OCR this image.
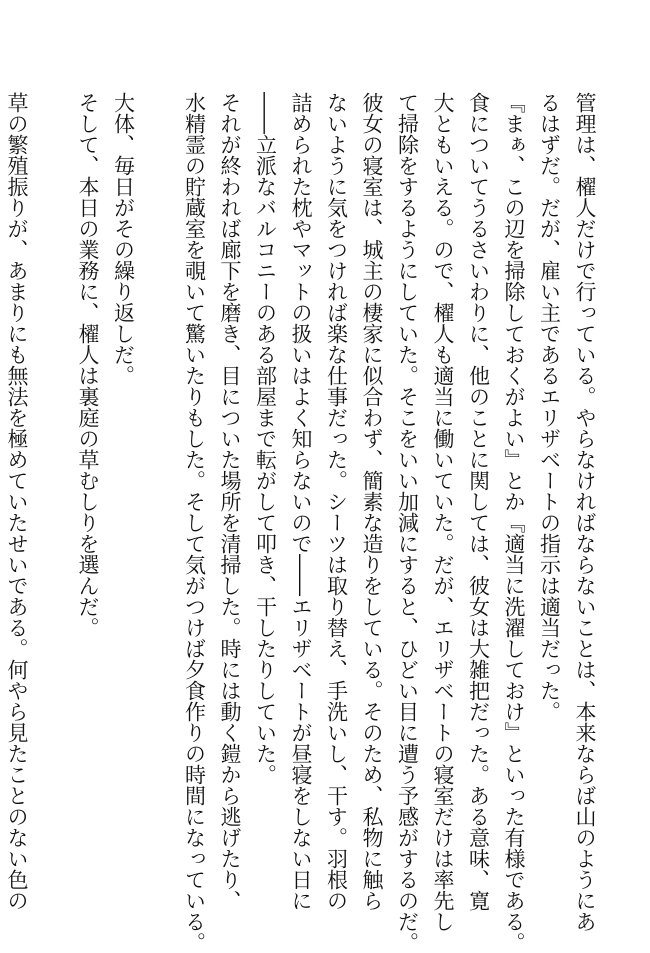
管理は、櫂人だけで行っている。やらなければならないことは、本来ならば山のようにあ
るはずだ。だが、雇い主であるエリザベートの指示は適当だった。
『まぁ、この辺を掃除しておくがよい』とか『適当に洗濯しておけ』といった有様である。
食についてうるさいわりに、他のことに関しては、彼女は大雑把だった。ある意味、寛
大ともいえる。ので、櫂人も適当に働いていた。だが、エリザベートの寝室だけは率先し
て掃除をするようにしていた。そこをいい加減にすると、ひどい目に遭う予感がするのだ。
彼女の寝室は、城主の棲家に似合わず、簡素な造りをしている。そのため、私物に触ら
ないように気をつければ楽な仕事だった。シーツは取り替え、手洗いし、干す。羽根の
詰められた枕やマットの扱いはよく知らないので――エリザベートが昼寝をしない日に
――立派なバルコニーのある部屋まで転がして叩き、干したりしていた。
それが終われば廊下を磨き、目についた場所を清掃した。時には動く鎧から逃げたり、
水精霊の貯蔵室を覗いて驚いたりもした。そして気がつけば夕食作りの時間になっている。
大体、毎日がその繰り返しだ。
そして、本日の業務に、櫂人は裏庭の草むしりを選んだ。
草の繁殖振りが、あまりにも無法を極めていたせいである。何やら見たことのない色の
